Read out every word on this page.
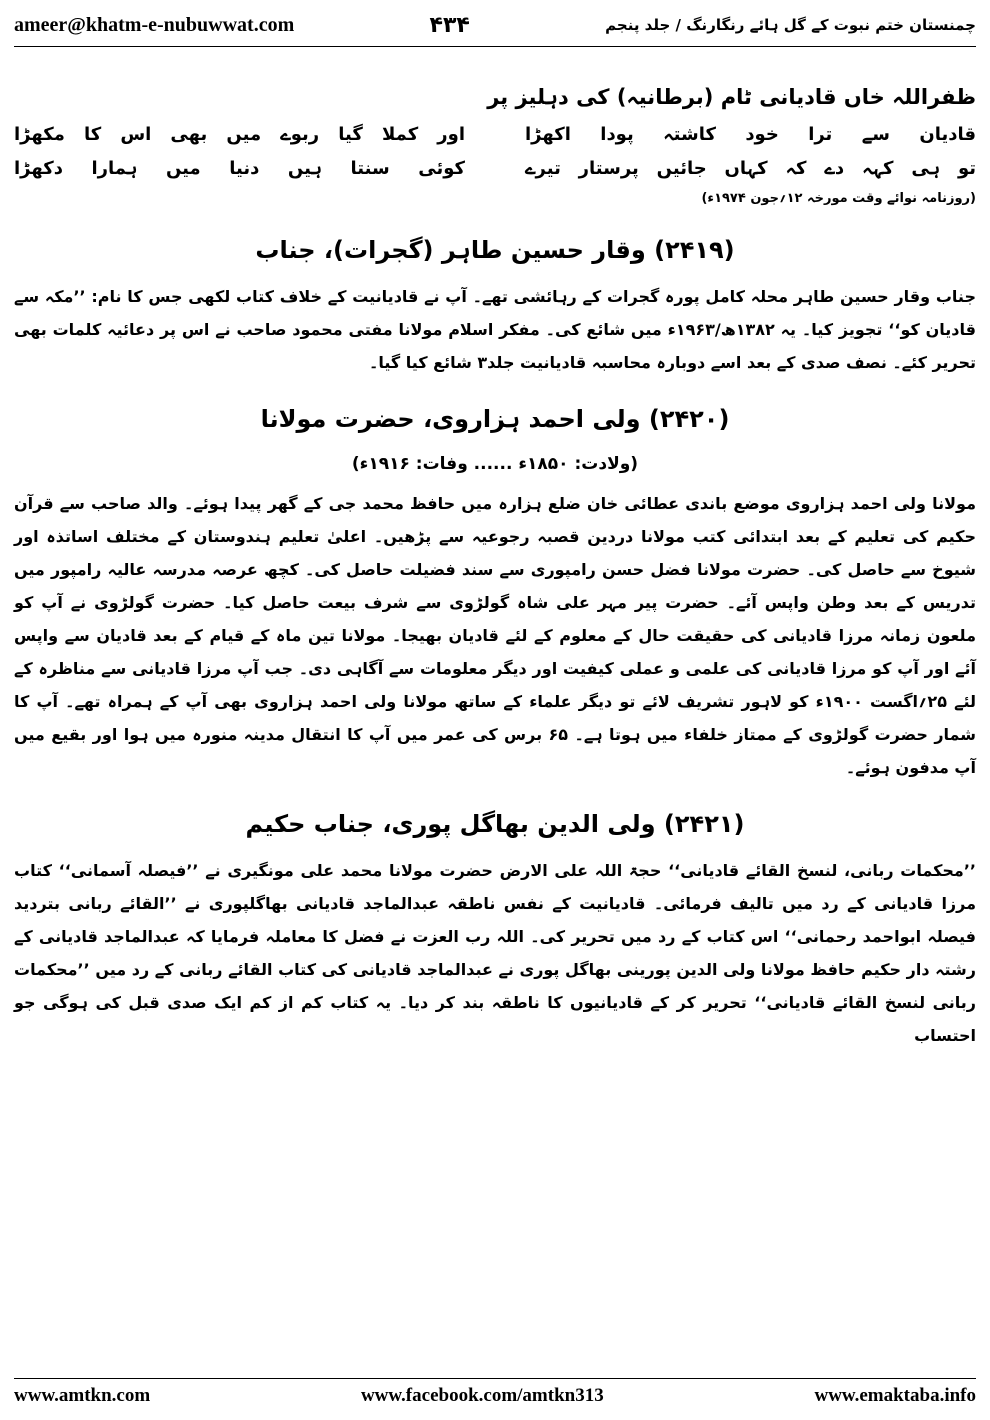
ameer@khatm-e-nubuwwat.com	۴۳۴	چمنستان ختم نبوت کے گل ہائے رنگارنگ / جلد پنجم
ظفراللہ خاں قادیانی ٹام (برطانیہ) کی دہلیز پر
قادیان سے ترا خود کاشتہ پودا اکھڑا
اور کملا گیا ربوے میں بھی اس کا مکھڑا
تو ہی کہہ دے کہ کہاں جائیں پرستار تیرے
کوئی سنتا ہیں دنیا میں ہمارا دکھڑا
(روزنامہ نوائے وقت مورخہ ۱۲؍جون ۱۹۷۴ء)
(۲۴۱۹) وقار حسین طاہر (گجرات)، جناب

جناب وقار حسین طاہر محلہ کامل پورہ گجرات کے رہائشی تھے۔ آپ نے قادیانیت کے خلاف کتاب لکھی جس کا نام: ’’مکہ سے قادیان کو‘‘ تجویز کیا۔ یہ ۱۳۸۲ھ/۱۹۶۳ء میں شائع کی۔ مفکر اسلام مولانا مفتی محمود صاحب نے اس پر دعائیہ کلمات بھی تحریر کئے۔ نصف صدی کے بعد اسے دوبارہ محاسبہ قادیانیت جلد۳ شائع کیا گیا۔

(۲۴۲۰) ولی احمد ہزاروی، حضرت مولانا
(ولادت: ۱۸۵۰ء ...... وفات: ۱۹۱۶ء)

مولانا ولی احمد ہزاروی موضع باندی عطائی خان ضلع ہزارہ میں حافظ محمد جی کے گھر پیدا ہوئے۔ والد صاحب سے قرآن حکیم کی تعلیم کے بعد ابتدائی کتب مولانا دردین قصبہ رجوعیہ سے پڑھیں۔ اعلیٰ تعلیم ہندوستان کے مختلف اساتذہ اور شیوخ سے حاصل کی۔ حضرت مولانا فضل حسن رامپوری سے سند فضیلت حاصل کی۔ کچھ عرصہ مدرسہ عالیہ رامپور میں تدریس کے بعد وطن واپس آئے۔ حضرت پیر مہر علی شاہ گولڑوی سے شرف بیعت حاصل کیا۔ حضرت گولڑوی نے آپ کو ملعون زمانہ مرزا قادیانی کی حقیقت حال کے معلوم کے لئے قادیان بھیجا۔ مولانا تین ماہ کے قیام کے بعد قادیان سے واپس آئے اور آپ کو مرزا قادیانی کی علمی و عملی کیفیت اور دیگر معلومات سے آگاہی دی۔ جب آپ مرزا قادیانی سے مناظرہ کے لئے ۲۵؍اگست ۱۹۰۰ء کو لاہور تشریف لائے تو دیگر علماء کے ساتھ مولانا ولی احمد ہزاروی بھی آپ کے ہمراہ تھے۔ آپ کا شمار حضرت گولڑوی کے ممتاز خلفاء میں ہوتا ہے۔ ۶۵ برس کی عمر میں آپ کا انتقال مدینہ منورہ میں ہوا اور بقیع میں آپ مدفون ہوئے۔

(۲۴۲۱) ولی الدین بھاگل پوری، جناب حکیم

’’محکمات ربانی، لنسخ القائے قادیانی‘‘ حجۃ اللہ علی الارض حضرت مولانا محمد علی مونگیری نے ’’فیصلہ آسمانی‘‘ کتاب مرزا قادیانی کے رد میں تالیف فرمائی۔ قادیانیت کے نفس ناطقہ عبدالماجد قادیانی بھاگلپوری نے ’’القائے ربانی بتردید فیصلہ ابواحمد رحمانی‘‘ اس کتاب کے رد میں تحریر کی۔ اللہ رب العزت نے فضل کا معاملہ فرمایا کہ عبدالماجد قادیانی کے رشتہ دار حکیم حافظ مولانا ولی الدین پورینی بھاگل پوری نے عبدالماجد قادیانی کی کتاب القائے ربانی کے رد میں ’’محکمات ربانی لنسخ القائے قادیانی‘‘ تحریر کر کے قادیانیوں کا ناطقہ بند کر دیا۔ یہ کتاب کم از کم ایک صدی قبل کی ہوگی جو احتساب

www.amtkn.com	www.facebook.com/amtkn313	www.emaktaba.info
